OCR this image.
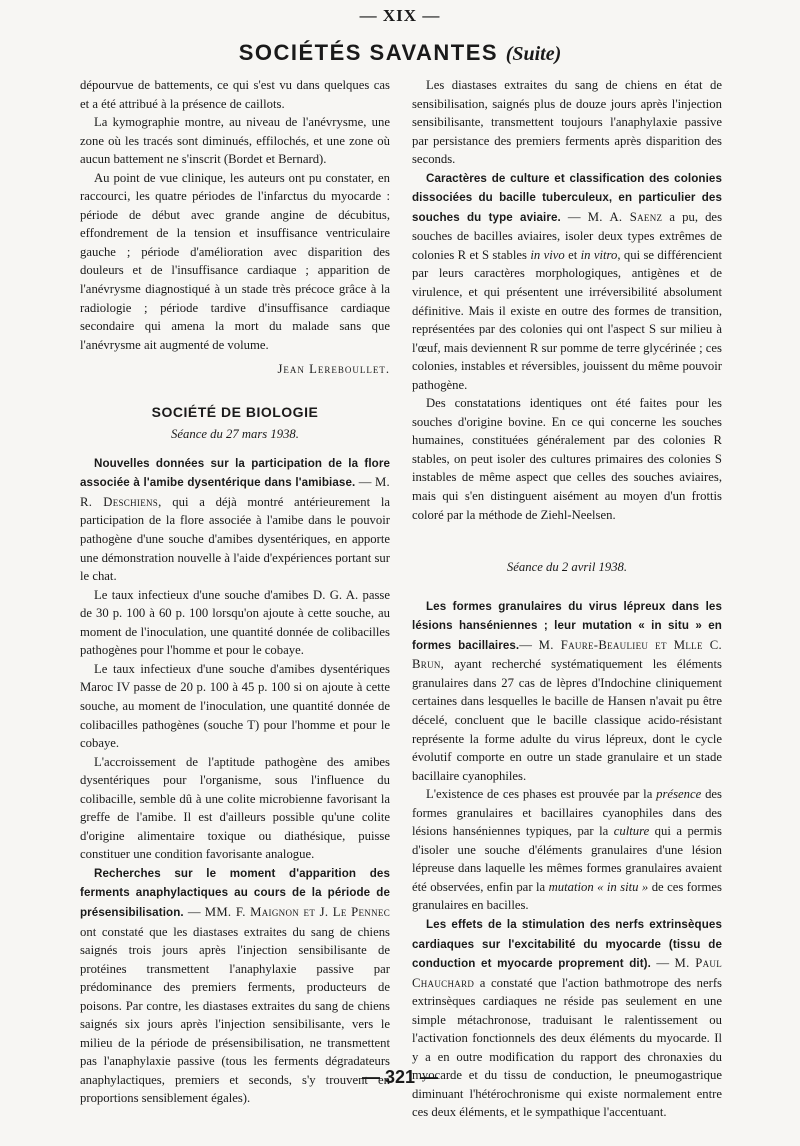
— XIX —
SOCIÉTÉS SAVANTES (Suite)

dépourvue de battements, ce qui s'est vu dans quelques cas et a été attribué à la présence de caillots.

La kymographie montre, au niveau de l'anévrysme, une zone où les tracés sont diminués, effilochés, et une zone où aucun battement ne s'inscrit (Bordet et Bernard).

Au point de vue clinique, les auteurs ont pu constater, en raccourci, les quatre périodes de l'infarctus du myocarde : période de début avec grande angine de décubitus, effondrement de la tension et insuffisance ventriculaire gauche ; période d'amélioration avec disparition des douleurs et de l'insuffisance cardiaque ; apparition de l'anévrysme diagnostiqué à un stade très précoce grâce à la radiologie ; période tardive d'insuffisance cardiaque secondaire qui amena la mort du malade sans que l'anévrysme ait augmenté de volume.

Jean Lereboullet.
SOCIÉTÉ DE BIOLOGIE
Séance du 27 mars 1938.

Nouvelles données sur la participation de la flore associée à l'amibe dysentérique dans l'amibiase. — M. R. Deschiens, qui a déjà montré antérieurement la participation de la flore associée à l'amibe dans le pouvoir pathogène d'une souche d'amibes dysentériques, en apporte une démonstration nouvelle à l'aide d'expériences portant sur le chat.

Le taux infectieux d'une souche d'amibes D. G. A. passe de 30 p. 100 à 60 p. 100 lorsqu'on ajoute à cette souche, au moment de l'inoculation, une quantité donnée de colibacilles pathogènes pour l'homme et pour le cobaye.

Le taux infectieux d'une souche d'amibes dysentériques Maroc IV passe de 20 p. 100 à 45 p. 100 si on ajoute à cette souche, au moment de l'inoculation, une quantité donnée de colibacilles pathogènes (souche T) pour l'homme et pour le cobaye.

L'accroissement de l'aptitude pathogène des amibes dysentériques pour l'organisme, sous l'influence du colibacille, semble dû à une colite microbienne favorisant la greffe de l'amibe. Il est d'ailleurs possible qu'une colite d'origine alimentaire toxique ou diathésique, puisse constituer une condition favorisante analogue.

Recherches sur le moment d'apparition des ferments anaphylactiques au cours de la période de présensibilisation. — MM. F. Maignon et J. Le Pennec ont constaté que les diastases extraites du sang de chiens saignés trois jours après l'injection sensibilisante de protéines transmettent l'anaphylaxie passive par prédominance des premiers ferments, producteurs de poisons. Par contre, les diastases extraites du sang de chiens saignés six jours après l'injection sensibilisante, vers le milieu de la période de présensibilisation, ne transmettent pas l'anaphylaxie passive (tous les ferments dégradateurs anaphylactiques, premiers et seconds, s'y trouvent en proportions sensiblement égales).

Les diastases extraites du sang de chiens en état de sensibilisation, saignés plus de douze jours après l'injection sensibilisante, transmettent toujours l'anaphylaxie passive par persistance des premiers ferments après disparition des seconds.

Caractères de culture et classification des colonies dissociées du bacille tuberculeux, en particulier des souches du type aviaire. — M. A. Saenz a pu, des souches de bacilles aviaires, isoler deux types extrêmes de colonies R et S stables in vivo et in vitro, qui se différencient par leurs caractères morphologiques, antigènes et de virulence, et qui présentent une irréversibilité absolument définitive. Mais il existe en outre des formes de transition, représentées par des colonies qui ont l'aspect S sur milieu à l'œuf, mais deviennent R sur pomme de terre glycérinée ; ces colonies, instables et réversibles, jouissent du même pouvoir pathogène.

Des constatations identiques ont été faites pour les souches d'origine bovine. En ce qui concerne les souches humaines, constituées généralement par des colonies R stables, on peut isoler des cultures primaires des colonies S instables de même aspect que celles des souches aviaires, mais qui s'en distinguent aisément au moyen d'un frottis coloré par la méthode de Ziehl-Neelsen.

Séance du 2 avril 1938.

Les formes granulaires du virus lépreux dans les lésions hanséniennes ; leur mutation « in situ » en formes bacillaires.— M. Faure-Beaulieu et Mlle C. Brun, ayant recherché systématiquement les éléments granulaires dans 27 cas de lèpres d'Indochine cliniquement certaines dans lesquelles le bacille de Hansen n'avait pu être décelé, concluent que le bacille classique acido-résistant représente la forme adulte du virus lépreux, dont le cycle évolutif comporte en outre un stade granulaire et un stade bacillaire cyanophiles.

L'existence de ces phases est prouvée par la présence des formes granulaires et bacillaires cyanophiles dans des lésions hanséniennes typiques, par la culture qui a permis d'isoler une souche d'éléments granulaires d'une lésion lépreuse dans laquelle les mêmes formes granulaires avaient été observées, enfin par la mutation « in situ » de ces formes granulaires en bacilles.

Les effets de la stimulation des nerfs extrinsèques cardiaques sur l'excitabilité du myocarde (tissu de conduction et myocarde proprement dit). — M. Paul Chauchard a constaté que l'action bathmotrope des nerfs extrinsèques cardiaques ne réside pas seulement en une simple métachronose, traduisant le ralentissement ou l'activation fonctionnels des deux éléments du myocarde. Il y a en outre modification du rapport des chronaxies du myocarde et du tissu de conduction, le pneumogastrique diminuant l'hétérochronisme qui existe normalement entre ces deux éléments, et le sympathique l'accentuant.

— 321 —
